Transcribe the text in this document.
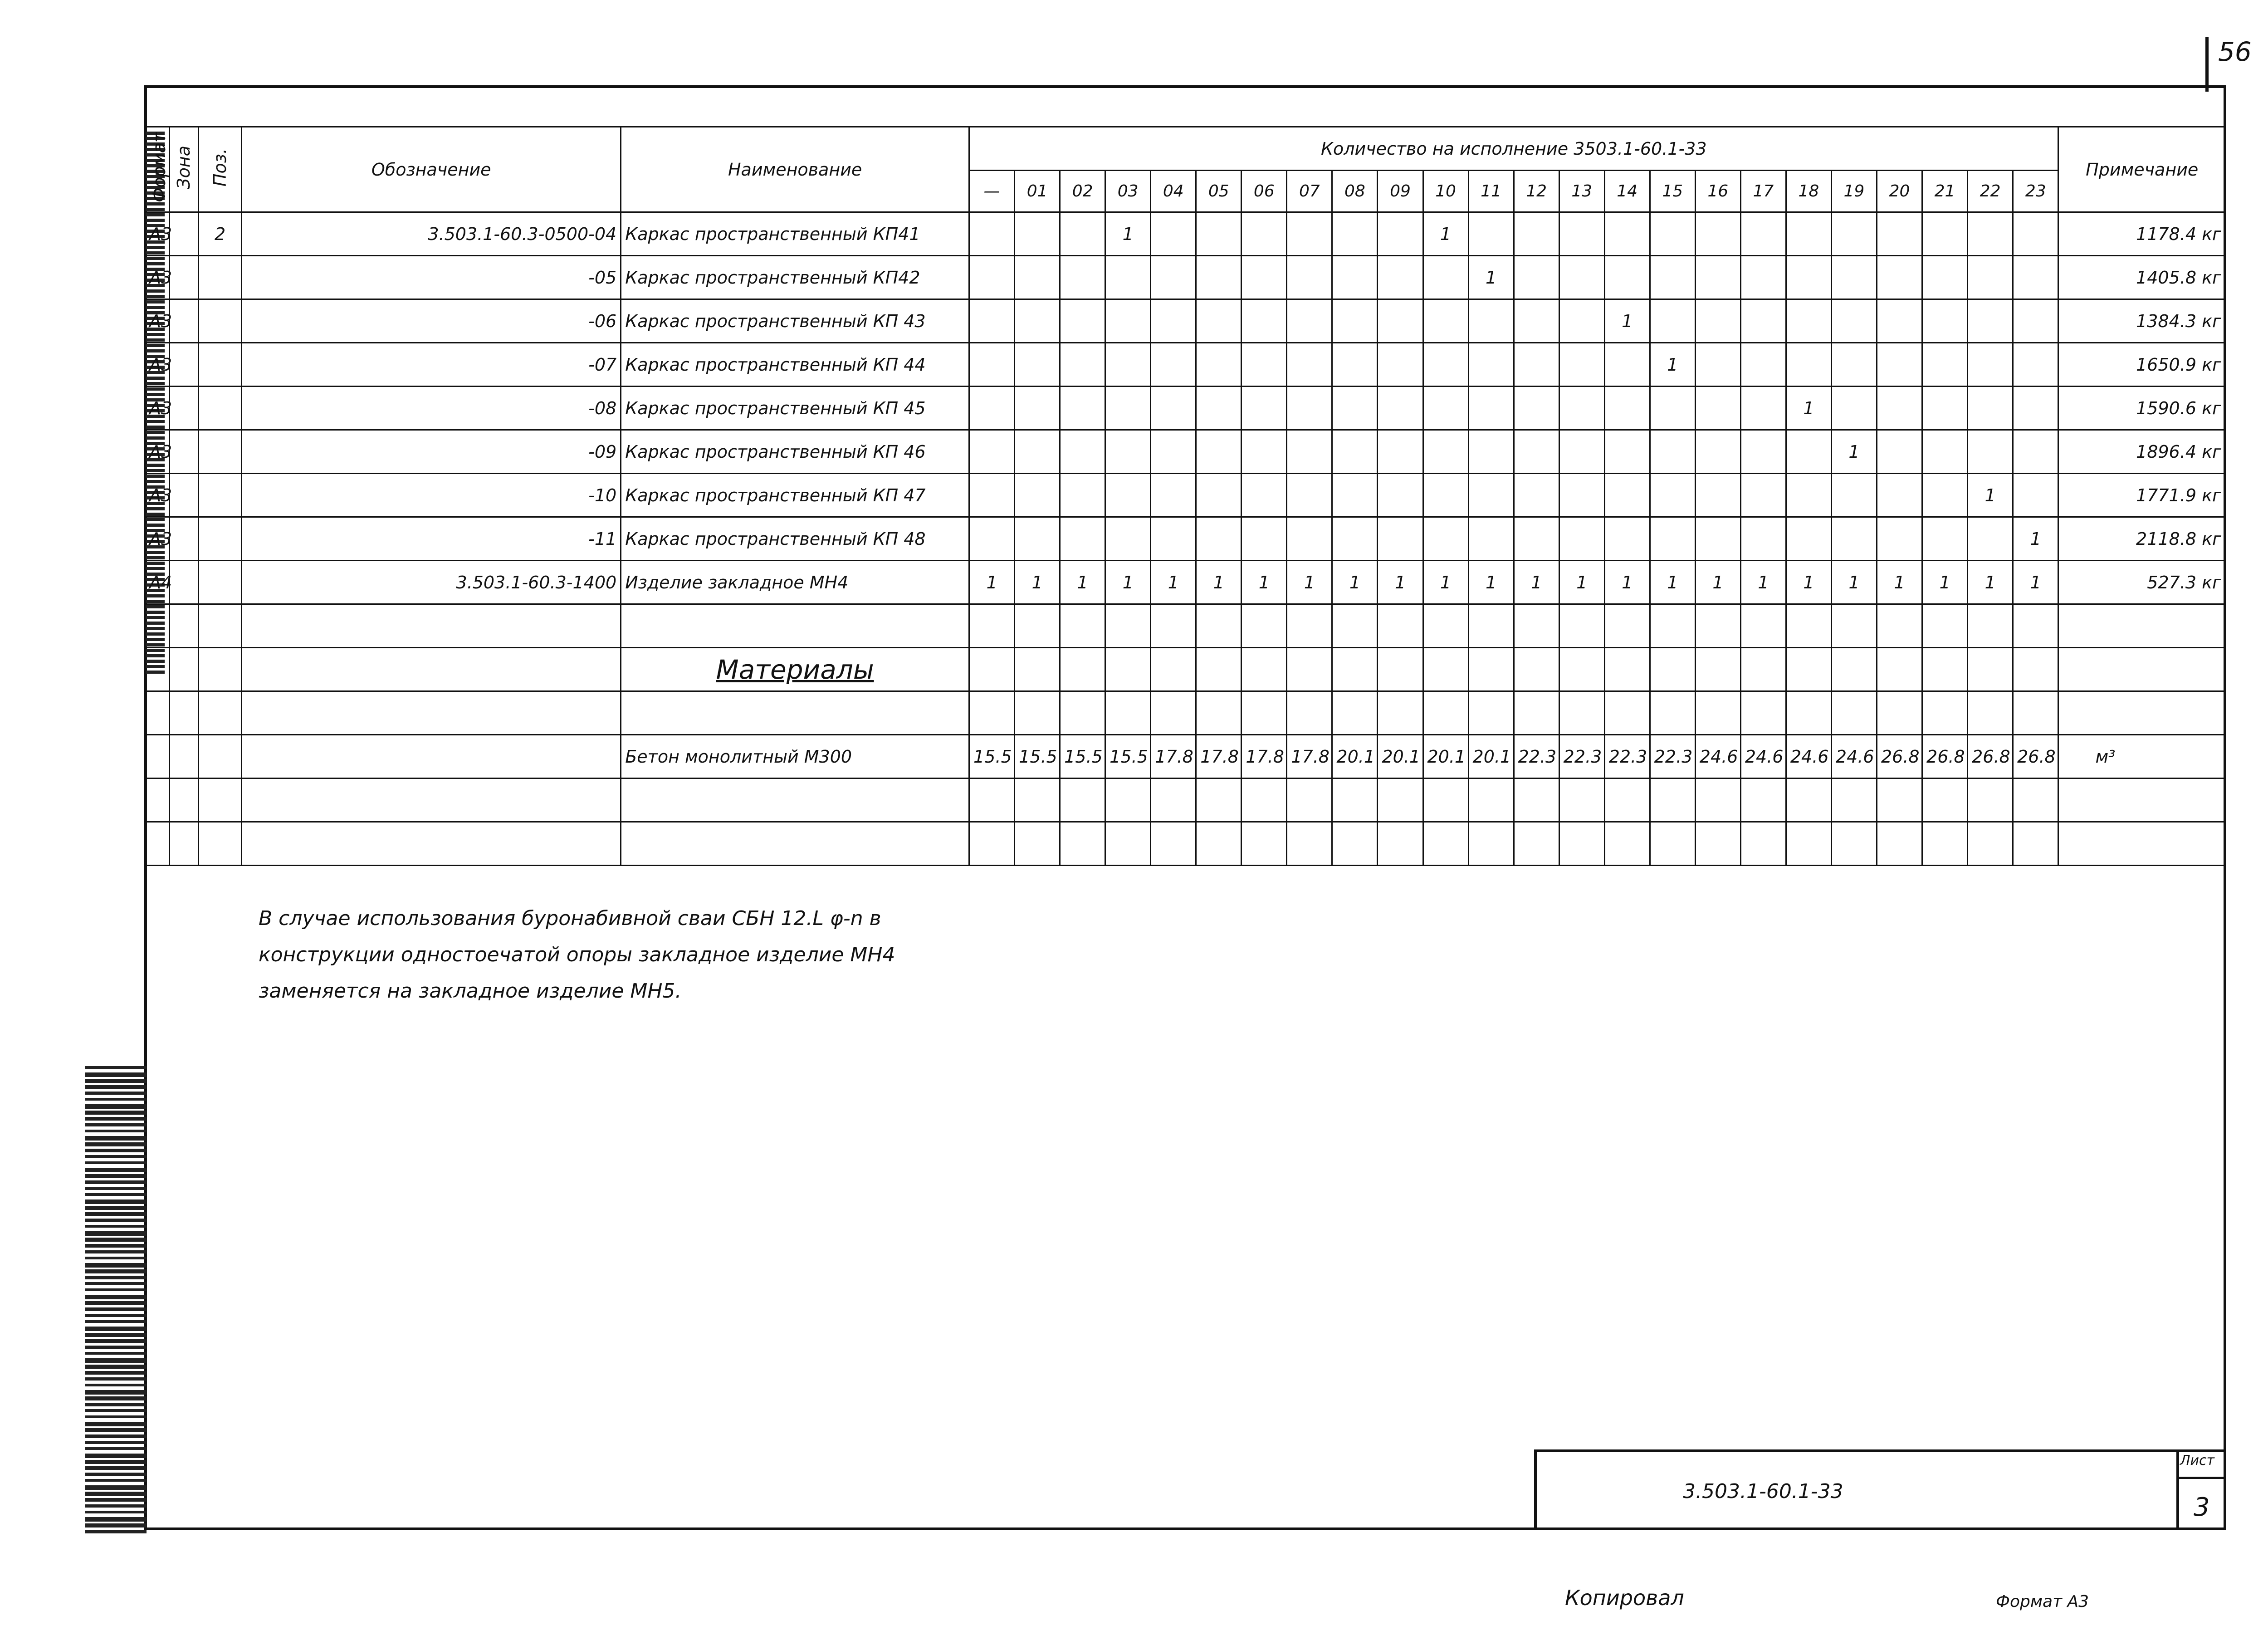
56
Формат	Зона	Поз.	Обозначение	Наименование	Количество на исполнение 3503.1-60.1-33																								Примечание
					—	01	02	03	04	05	06	07	08	09	10	11	12	13	14	15	16	17	18	19	20	21	22	23	
А3		2	3.503.1-60.3-0500-04	Каркас пространственный КП41				1							1														1178.4 кг
А3			-05	Каркас пространственный КП42												1													1405.8 кг
А3			-06	Каркас пространственный КП 43															1										1384.3 кг
А3			-07	Каркас пространственный КП 44																1									1650.9 кг
А3			-08	Каркас пространственный КП 45																			1						1590.6 кг
А3			-09	Каркас пространственный КП 46																				1					1896.4 кг
А3			-10	Каркас пространственный КП 47																							1		1771.9 кг
А3			-11	Каркас пространственный КП 48																								1	2118.8 кг
А4			3.503.1-60.3-1400	Изделие закладное МН4	1	1	1	1	1	1	1	1	1	1	1	1	1	1	1	1	1	1	1	1	1	1	1	1	527.3 кг

				Материалы																									

				Бетон монолитный М300	15.5	15.5	15.5	15.5	17.8	17.8	17.8	17.8	20.1	20.1	20.1	20.1	22.3	22.3	22.3	22.3	24.6	24.6	24.6	24.6	26.8	26.8	26.8	26.8	м³

В случае использования буронабивной сваи СБН 12.L φ-n в
конструкции одностоечатой опоры закладное изделие МН4
заменяется на закладное изделие МН5.
3.503.1-60.1-33
Лист
3
Копировал	Формат А3
